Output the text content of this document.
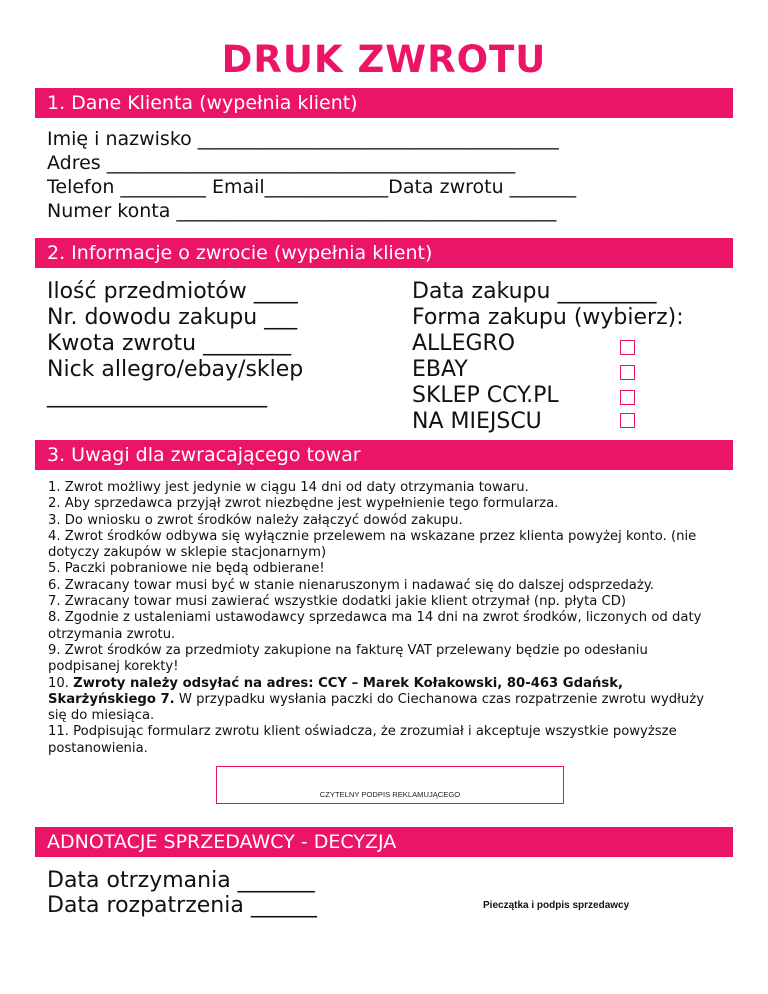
DRUK ZWROTU
1. Dane Klienta (wypełnia klient)
Imię i nazwisko ______________________________________
Adres ___________________________________________
Telefon _________ Email_____________Data zwrotu _______
Numer konta ________________________________________
2. Informacje o zwrocie (wypełnia klient)
Ilość przedmiotów ____
Nr. dowodu zakupu ___
Kwota zwrotu ________
Nick allegro/ebay/sklep
____________________
Data zakupu _________
Forma zakupu (wybierz):
ALLEGRO
EBAY
SKLEP CCY.PL
NA MIEJSCU
3. Uwagi dla zwracającego towar

1. Zwrot możliwy jest jedynie w ciągu 14 dni od daty otrzymania towaru.

2. Aby sprzedawca przyjął zwrot niezbędne jest wypełnienie tego formularza.

3. Do wniosku o zwrot środków należy załączyć dowód zakupu.

4. Zwrot środków odbywa się wyłącznie przelewem na wskazane przez klienta powyżej konto. (nie dotyczy zakupów w sklepie stacjonarnym)

5. Paczki pobraniowe nie będą odbierane!

6. Zwracany towar musi być w stanie nienaruszonym i nadawać się do dalszej odsprzedaży.

7. Zwracany towar musi zawierać wszystkie dodatki jakie klient otrzymał (np. płyta CD)

8. Zgodnie z ustaleniami ustawodawcy sprzedawca ma 14 dni na zwrot środków, liczonych od daty otrzymania zwrotu.

9. Zwrot środków za przedmioty zakupione na fakturę VAT przelewany będzie po odesłaniu podpisanej korekty!

10. Zwroty należy odsyłać na adres: CCY – Marek Kołakowski, 80-463 Gdańsk, Skarżyńskiego 7. W przypadku wysłania paczki do Ciechanowa czas rozpatrzenie zwrotu wydłuży się do miesiąca.

11. Podpisując formularz zwrotu klient oświadcza, że zrozumiał i akceptuje wszystkie powyższe postanowienia.

CZYTELNY PODPIS REKLAMUJĄCEGO
ADNOTACJE SPRZEDAWCY - DECYZJA
Data otrzymania _______
Data rozpatrzenia ______	Pieczątka i podpis sprzedawcy
